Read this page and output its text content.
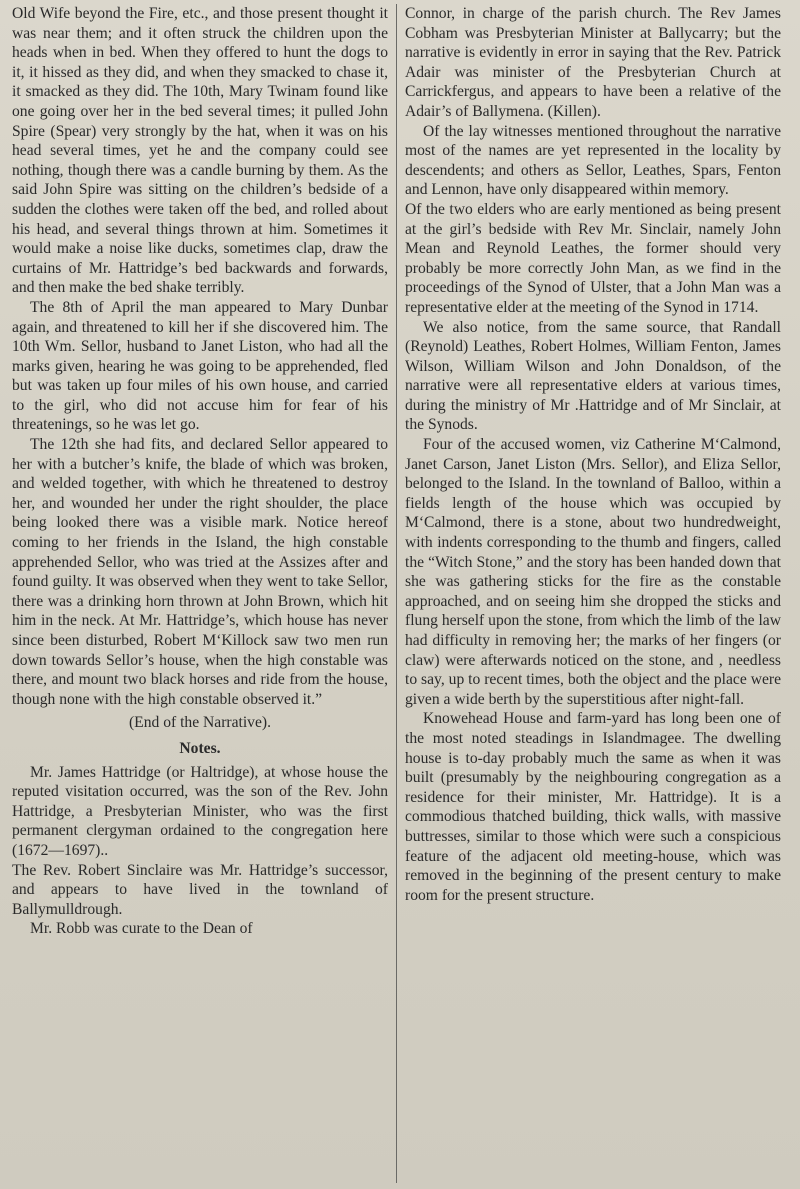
Old Wife beyond the Fire, etc., and those present thought it was near them; and it often struck the children upon the heads when in bed. When they offered to hunt the dogs to it, it hissed as they did, and when they smacked to chase it, it smacked as they did. The 10th, Mary Twinam found like one going over her in the bed several times; it pulled John Spire (Spear) very strongly by the hat, when it was on his head several times, yet he and the company could see nothing, though there was a candle burning by them. As the said John Spire was sitting on the children’s bedside of a sudden the clothes were taken off the bed, and rolled about his head, and several things thrown at him. Sometimes it would make a noise like ducks, sometimes clap, draw the curtains of Mr. Hattridge’s bed backwards and forwards, and then make the bed shake terribly.

The 8th of April the man appeared to Mary Dunbar again, and threatened to kill her if she discovered him. The 10th Wm. Sellor, husband to Janet Liston, who had all the marks given, hearing he was going to be apprehended, fled but was taken up four miles of his own house, and carried to the girl, who did not accuse him for fear of his threatenings, so he was let go.

The 12th she had fits, and declared Sellor appeared to her with a butcher’s knife, the blade of which was broken, and welded together, with which he threatened to destroy her, and wounded her under the right shoulder, the place being looked there was a visible mark. Notice hereof coming to her friends in the Island, the high constable apprehended Sellor, who was tried at the Assizes after and found guilty. It was observed when they went to take Sellor, there was a drinking horn thrown at John Brown, which hit him in the neck. At Mr. Hattridge’s, which house has never since been disturbed, Robert M‘Killock saw two men run down towards Sellor’s house, when the high constable was there, and mount two black horses and ride from the house, though none with the high constable observed it.”

(End of the Narrative).

Notes.

Mr. James Hattridge (or Haltridge), at whose house the reputed visitation occurred, was the son of the Rev. John Hattridge, a Presbyterian Minister, who was the first permanent clergyman ordained to the congregation here (1672—1697)..

The Rev. Robert Sinclaire was Mr. Hattridge’s successor, and appears to have lived in the townland of Ballymulldrough.

Mr. Robb was curate to the Dean of

Connor, in charge of the parish church. The Rev James Cobham was Presbyterian Minister at Ballycarry; but the narrative is evidently in error in saying that the Rev. Patrick Adair was minister of the Presbyterian Church at Carrickfergus, and appears to have been a relative of the Adair’s of Ballymena. (Killen).

Of the lay witnesses mentioned throughout the narrative most of the names are yet represented in the locality by descendents; and others as Sellor, Leathes, Spars, Fenton and Lennon, have only disappeared within memory.

Of the two elders who are early mentioned as being present at the girl’s bedside with Rev Mr. Sinclair, namely John Mean and Reynold Leathes, the former should very probably be more correctly John Man, as we find in the proceedings of the Synod of Ulster, that a John Man was a representative elder at the meeting of the Synod in 1714.

We also notice, from the same source, that Randall (Reynold) Leathes, Robert Holmes, William Fenton, James Wilson, William Wilson and John Donaldson, of the narrative were all representative elders at various times, during the ministry of Mr .Hattridge and of Mr Sinclair, at the Synods.

Four of the accused women, viz Catherine M‘Calmond, Janet Carson, Janet Liston (Mrs. Sellor), and Eliza Sellor, belonged to the Island. In the townland of Balloo, within a fields length of the house which was occupied by M‘Calmond, there is a stone, about two hundredweight, with indents corresponding to the thumb and fingers, called the “Witch Stone,” and the story has been handed down that she was gathering sticks for the fire as the constable approached, and on seeing him she dropped the sticks and flung herself upon the stone, from which the limb of the law had difficulty in removing her; the marks of her fingers (or claw) were afterwards noticed on the stone, and , needless to say, up to recent times, both the object and the place were given a wide berth by the superstitious after night-fall.

Knowehead House and farm-yard has long been one of the most noted steadings in Islandmagee. The dwelling house is to-day probably much the same as when it was built (presumably by the neighbouring congregation as a residence for their minister, Mr. Hattridge). It is a commodious thatched building, thick walls, with massive buttresses, similar to those which were such a conspicious feature of the adjacent old meeting-house, which was removed in the beginning of the present century to make room for the present structure.
